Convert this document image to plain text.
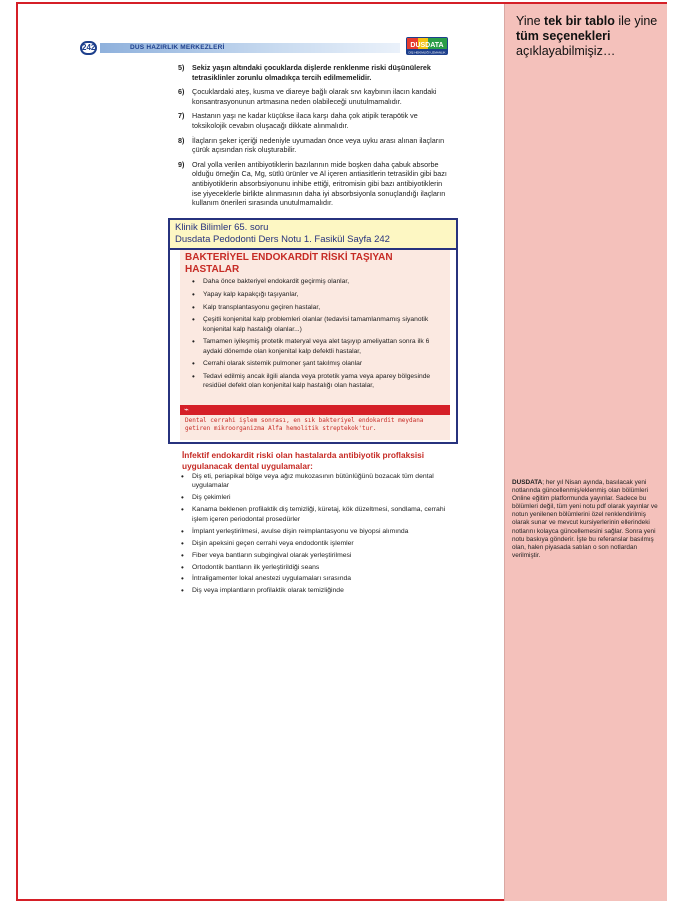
242	DUS HAZIRLIK MERKEZLERİ	DUSDATA
DİŞ HEKİMLİĞİ UZMANLIK
5) Sekiz yaşın altındaki çocuklarda dişlerde renklenme riski düşünülerek tetrasiklinler zorunlu olmadıkça tercih edilmemelidir.
6) Çocuklardaki ateş, kusma ve diareye bağlı olarak sıvı kaybının ilacın kandaki konsantrasyonunun artmasına neden olabileceği unutulmamalıdır.
7) Hastanın yaşı ne kadar küçükse ilaca karşı daha çok atipik terapötik ve toksikolojik cevabın oluşacağı dikkate alınmalıdır.
8) İlaçların şeker içeriği nedeniyle uyumadan önce veya uyku arası alınan ilaçların çürük açısından risk oluşturabilir.
9) Oral yolla verilen antibiyotiklerin bazılarının mide boşken daha çabuk absorbe olduğu örneğin Ca, Mg, sütlü ürünler ve Al içeren antiasitlerin tetrasiklin gibi bazı antibiyotiklerin absorbsiyonunu inhibe ettiği, eritromisin gibi bazı antibiyotiklerin ise yiyeceklerle birlikte alınmasının daha iyi absorbsiyonla sonuçlandığı ilaçların kullanım önerileri sırasında unutulmamalıdır.
Klinik Bilimler 65. soru
Dusdata Pedodonti Ders Notu 1. Fasikül Sayfa 242
BAKTERİYEL ENDOKARDİT RİSKİ TAŞIYAN HASTALAR
• Daha önce bakteriyel endokardit geçirmiş olanlar,
• Yapay kalp kapakçığı taşıyanlar,
• Kalp transplantasyonu geçiren hastalar,
• Çeşitli konjenital kalp problemleri olanlar (tedavisi tamamlanmamış siyanotik konjenital kalp hastalığı olanlar...)
• Tamamen iyileşmiş protetik materyal veya alet taşıyıp ameliyattan sonra ilk 6 aydaki dönemde olan konjenital kalp defektli hastalar,
• Cerrahi olarak sistemik pulmoner şant takılmış olanlar
• Tedavi edilmiş ancak ilgili alanda veya protetik yama veya aparey bölgesinde residüel defekt olan konjenital kalp hastalığı olan hastalar,
⌁
Dental cerrahi işlem sonrası, en sık bakteriyel endokardit meydana getiren mikroorganizma Alfa hemolitik streptekok'tur.
İnfektif endokardit riski olan hastalarda antibiyotik proflaksisi uygulanacak dental uygulamalar:
• Diş eti, periapikal bölge veya ağız mukozasının bütünlüğünü bozacak tüm dental uygulamalar
• Diş çekimleri
• Kanama beklenen profilaktik diş temizliği, küretaj, kök düzeltmesi, sondlama, cerrahi işlem içeren periodontal prosedürler
• İmplant yerleştirilmesi, avulse dişin reimplantasyonu ve biyopsi alımında
• Dişin apeksini geçen cerrahi veya endodontik işlemler
• Fiber veya bantların subgingival olarak yerleştirilmesi
• Ortodontik bantların ilk yerleştirildiği seans
• İntraligamenter lokal anestezi uygulamaları sırasında
• Diş veya implantların profilaktik olarak temizliğinde
Yine tek bir tablo ile yine tüm seçenekleri açıklayabilmişiz…
DUSDATA; her yıl Nisan ayında, basılacak yeni notlarında güncellenmiş/eklenmiş olan bölümleri Online eğitim platformunda yayınlar. Sadece bu bölümleri değil, tüm yeni notu pdf olarak yayınlar ve notun yenilenen bölümlerini özel renklendirilmiş olarak sunar ve mevcut kursiyerlerinin ellerindeki notlarını kolayca güncellemesini sağlar. Sonra yeni notu baskıya gönderir. İşte bu referanslar basılmış olan, halen piyasada satılan o son notlardan verilmiştir.
